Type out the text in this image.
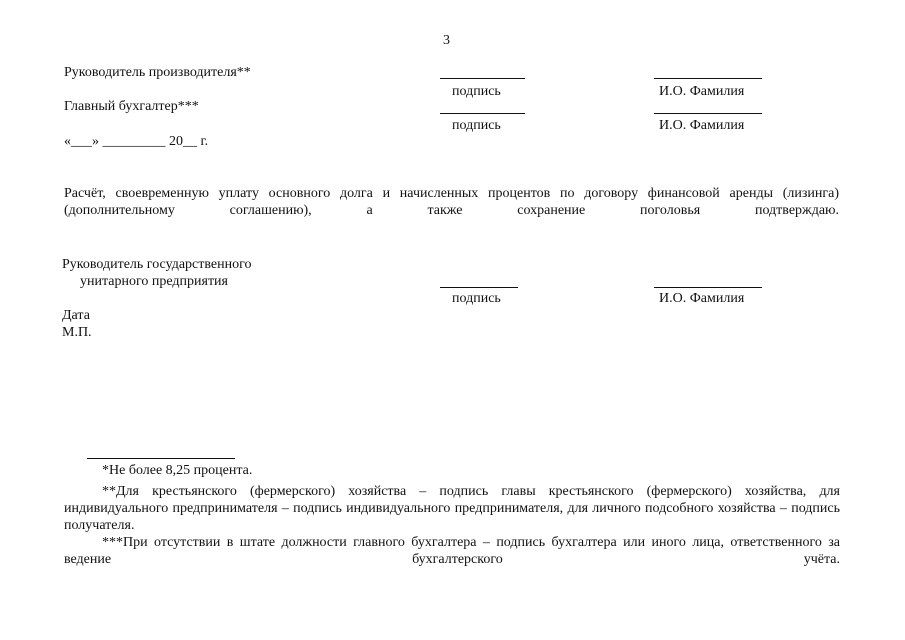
3
Руководитель производителя**
подпись	И.О. Фамилия
Главный бухгалтер***
подпись	И.О. Фамилия
«___» _________ 20__ г.
Расчёт, своевременную уплату основного долга и начисленных процентов по договору финансовой аренды (лизинга) (дополнительному соглашению), а также сохранение поголовья подтверждаю.
Руководитель государственного
унитарного предприятия
подпись	И.О. Фамилия
Дата
М.П.
*Не более 8,25 процента.
**Для крестьянского (фермерского) хозяйства – подпись главы крестьянского (фермерского) хозяйства, для индивидуального предпринимателя – подпись индивидуального предпринимателя, для личного подсобного хозяйства – подпись получателя.
***При отсутствии в штате должности главного бухгалтера – подпись бухгалтера или иного лица, ответственного за ведение бухгалтерского учёта.
